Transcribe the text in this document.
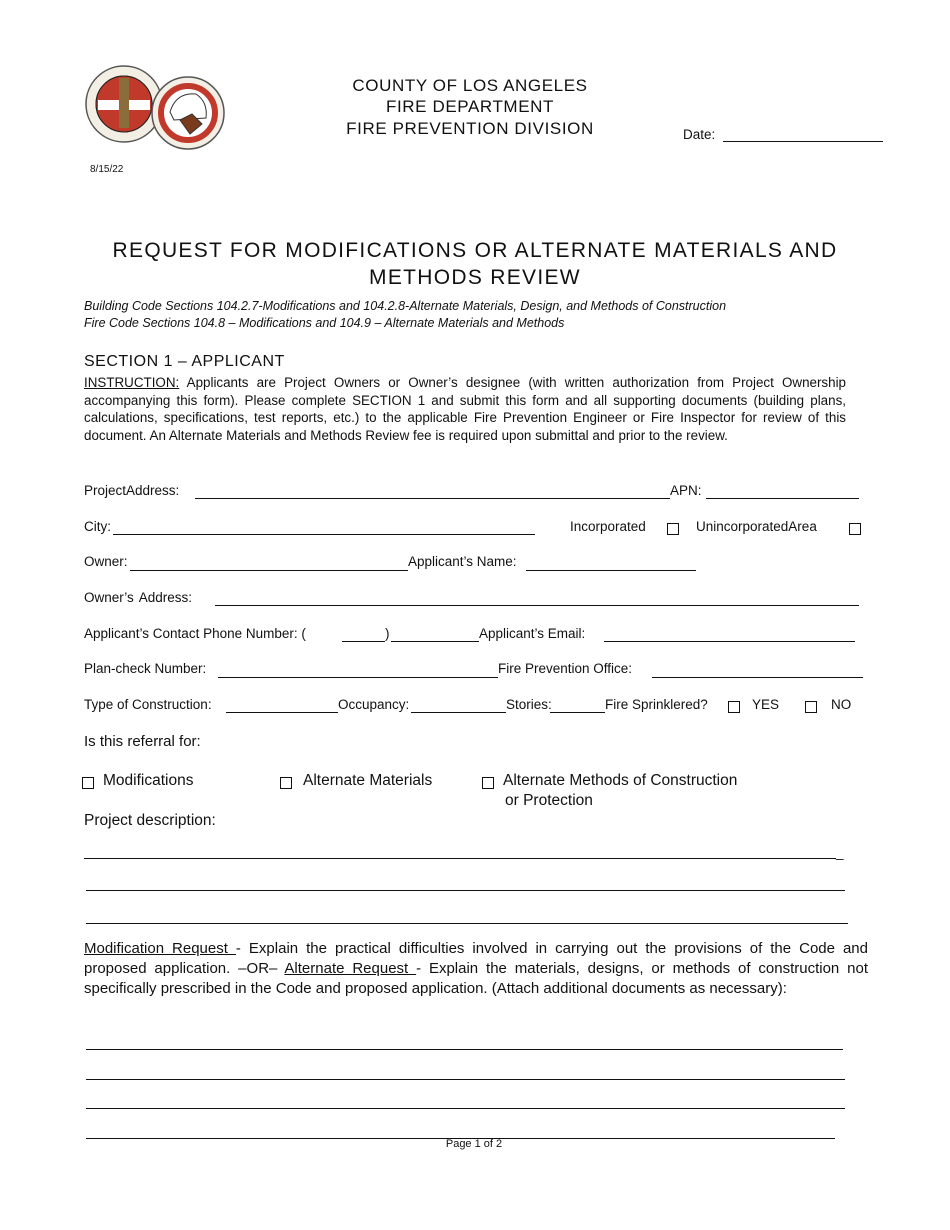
COUNTY OF LOS ANGELES
FIRE DEPARTMENT
FIRE PREVENTION DIVISION	Date:
8/15/22
REQUEST FOR MODIFICATIONS OR ALTERNATE MATERIALS AND
METHODS REVIEW
Building Code Sections 104.2.7-Modifications and 104.2.8-Alternate Materials, Design, and Methods of Construction
Fire Code Sections 104.8 – Modifications and 104.9 – Alternate Materials and Methods
SECTION 1 – APPLICANT
INSTRUCTION: Applicants are Project Owners or Owner’s designee (with written authorization from Project Ownership accompanying this form). Please complete SECTION 1 and submit this form and all supporting documents (building plans, calculations, specifications, test reports, etc.) to the applicable Fire Prevention Engineer or Fire Inspector for review of this document. An Alternate Materials and Methods Review fee is required upon submittal and prior to the review.
ProjectAddress:	APN:
City:	Incorporated	UnincorporatedArea
Owner:	Applicant’s Name:
Owner’s Address:
Applicant’s Contact Phone Number: (	)	Applicant’s Email:
Plan-check Number:	Fire Prevention Office:
Type of Construction:	Occupancy:	Stories:	Fire Sprinklered?	YES	NO
Is this referral for:
Modifications	Alternate Materials	Alternate Methods of Construction
or Protection
Project description:
_
Modification Request - Explain the practical difficulties involved in carrying out the provisions of the Code and proposed application. –OR– Alternate Request - Explain the materials, designs, or methods of construction not specifically prescribed in the Code and proposed application. (Attach additional documents as necessary):
Page 1 of 2
